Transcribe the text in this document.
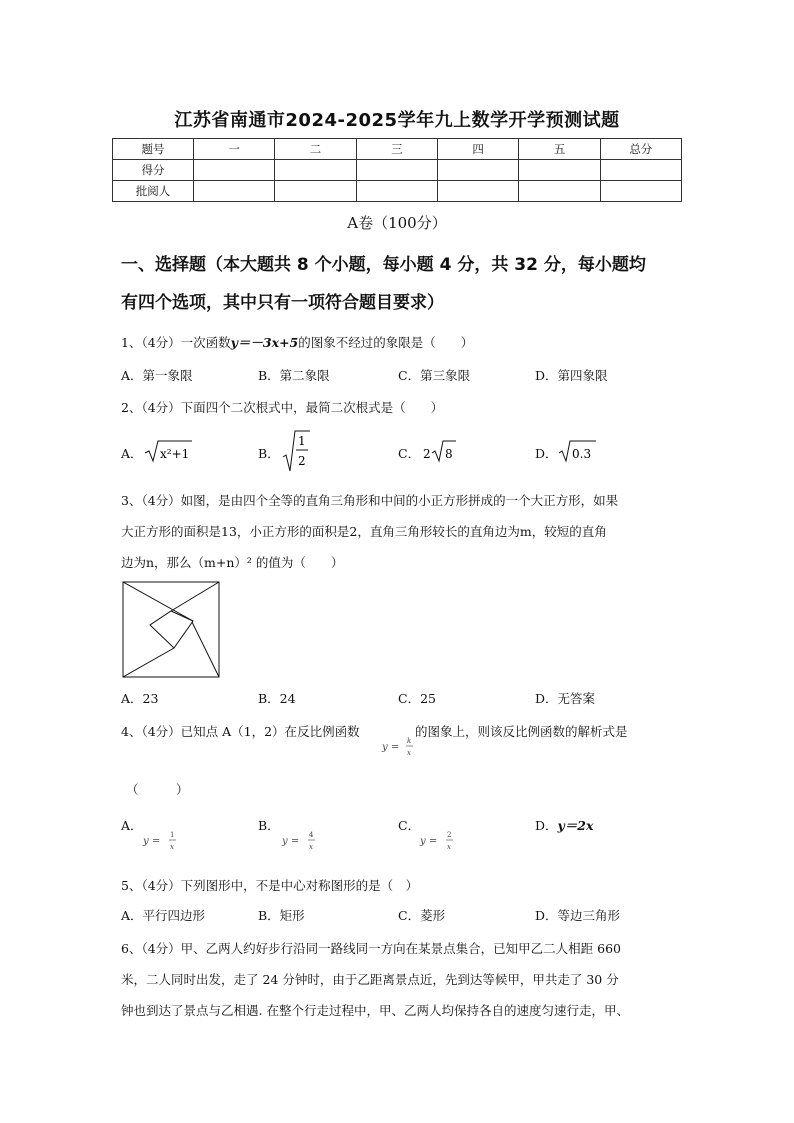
江苏省南通市2024-2025学年九上数学开学预测试题
题号	一	二	三	四	五	总分
得分						
批阅人						
A卷（100分）
一、选择题（本大题共 8 个小题，每小题 4 分，共 32 分，每小题均
有四个选项，其中只有一项符合题目要求）
1、（4分）一次函数y＝－3x+5的图象不经过的象限是（　　）
A．第一象限	B．第二象限	C．第三象限	D．第四象限
2、（4分）下面四个二次根式中，最简二次根式是（　　）
A． x²+1	B．
1
2	C． 2 8	D． 0.3
3、（4分）如图，是由四个全等的直角三角形和中间的小正方形拼成的一个大正方形，如果
大正方形的面积是13，小正方形的面积是2，直角三角形较长的直角边为m，较短的直角
边为n，那么（m+n）² 的值为（　　）
A．23	B．24	C．25	D．无答案
4、（4分）已知点 A（1，2）在反比例函数
y =
k
x
的图象上，则该反比例函数的解析式是
（　　　）
A．
y =
1
x
B．
y =
4
x
C．
y =
2
x
D．y＝2x
5、（4分）下列图形中，不是中心对称图形的是（　）
A．平行四边形	B．矩形	C．菱形	D．等边三角形
6、（4分）甲、乙两人约好步行沿同一路线同一方向在某景点集合，已知甲乙二人相距 660
米，二人同时出发，走了 24 分钟时，由于乙距离景点近，先到达等候甲，甲共走了 30 分
钟也到达了景点与乙相遇. 在整个行走过程中，甲、乙两人均保持各自的速度匀速行走，甲、
